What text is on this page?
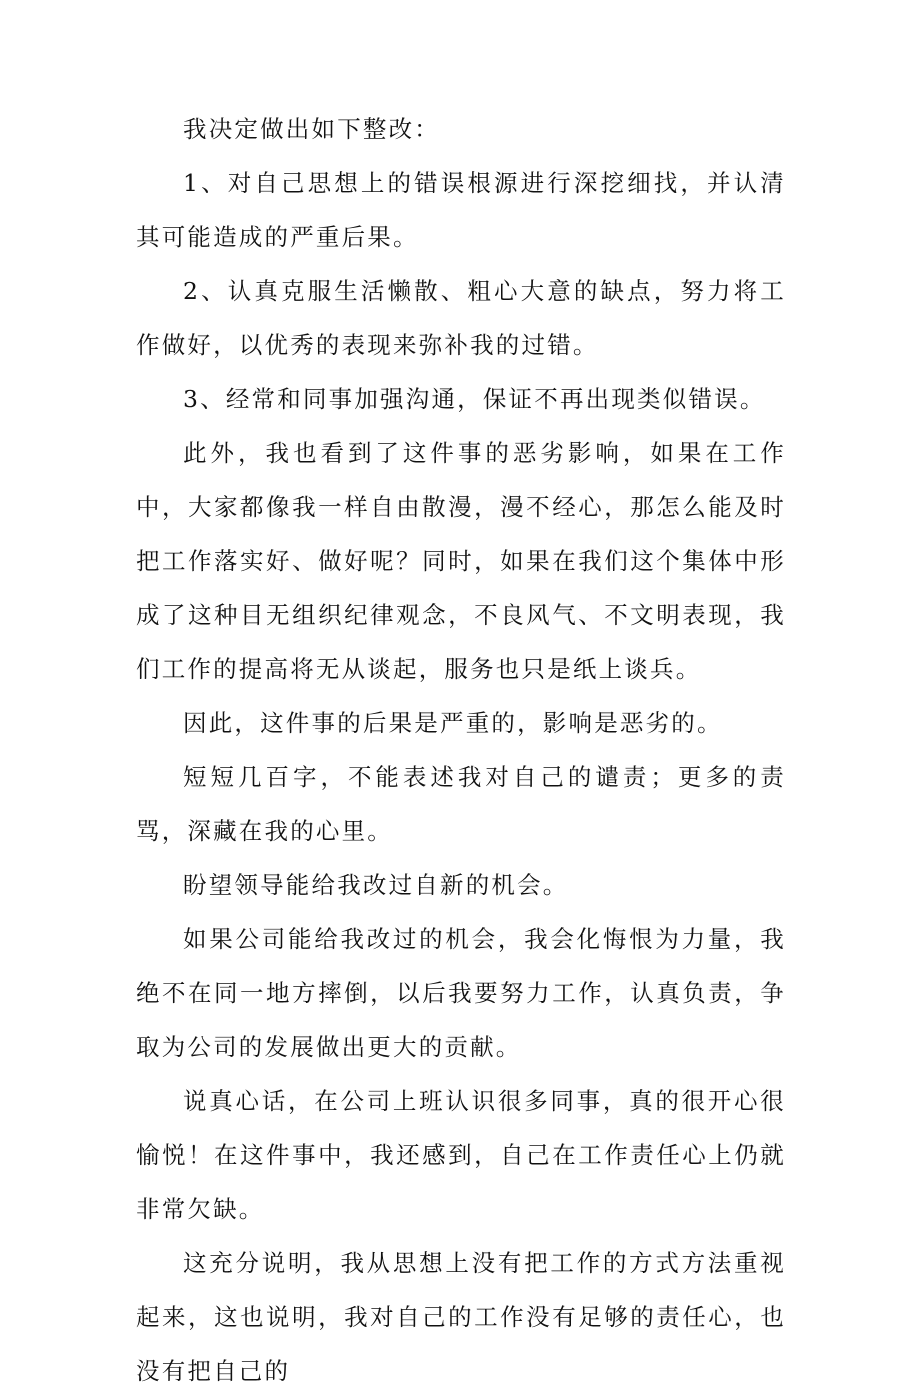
我决定做出如下整改：

1、对自己思想上的错误根源进行深挖细找，并认清其可能造成的严重后果。

2、认真克服生活懒散、粗心大意的缺点，努力将工作做好，以优秀的表现来弥补我的过错。

3、经常和同事加强沟通，保证不再出现类似错误。

此外，我也看到了这件事的恶劣影响，如果在工作中，大家都像我一样自由散漫，漫不经心，那怎么能及时把工作落实好、做好呢？同时，如果在我们这个集体中形成了这种目无组织纪律观念，不良风气、不文明表现，我们工作的提高将无从谈起，服务也只是纸上谈兵。

因此，这件事的后果是严重的，影响是恶劣的。

短短几百字，不能表述我对自己的谴责；更多的责骂，深藏在我的心里。

盼望领导能给我改过自新的机会。

如果公司能给我改过的机会，我会化悔恨为力量，我绝不在同一地方摔倒，以后我要努力工作，认真负责，争取为公司的发展做出更大的贡献。

说真心话，在公司上班认识很多同事，真的很开心很愉悦！在这件事中，我还感到，自己在工作责任心上仍就非常欠缺。

这充分说明，我从思想上没有把工作的方式方法重视起来，这也说明，我对自己的工作没有足够的责任心，也没有把自己的
